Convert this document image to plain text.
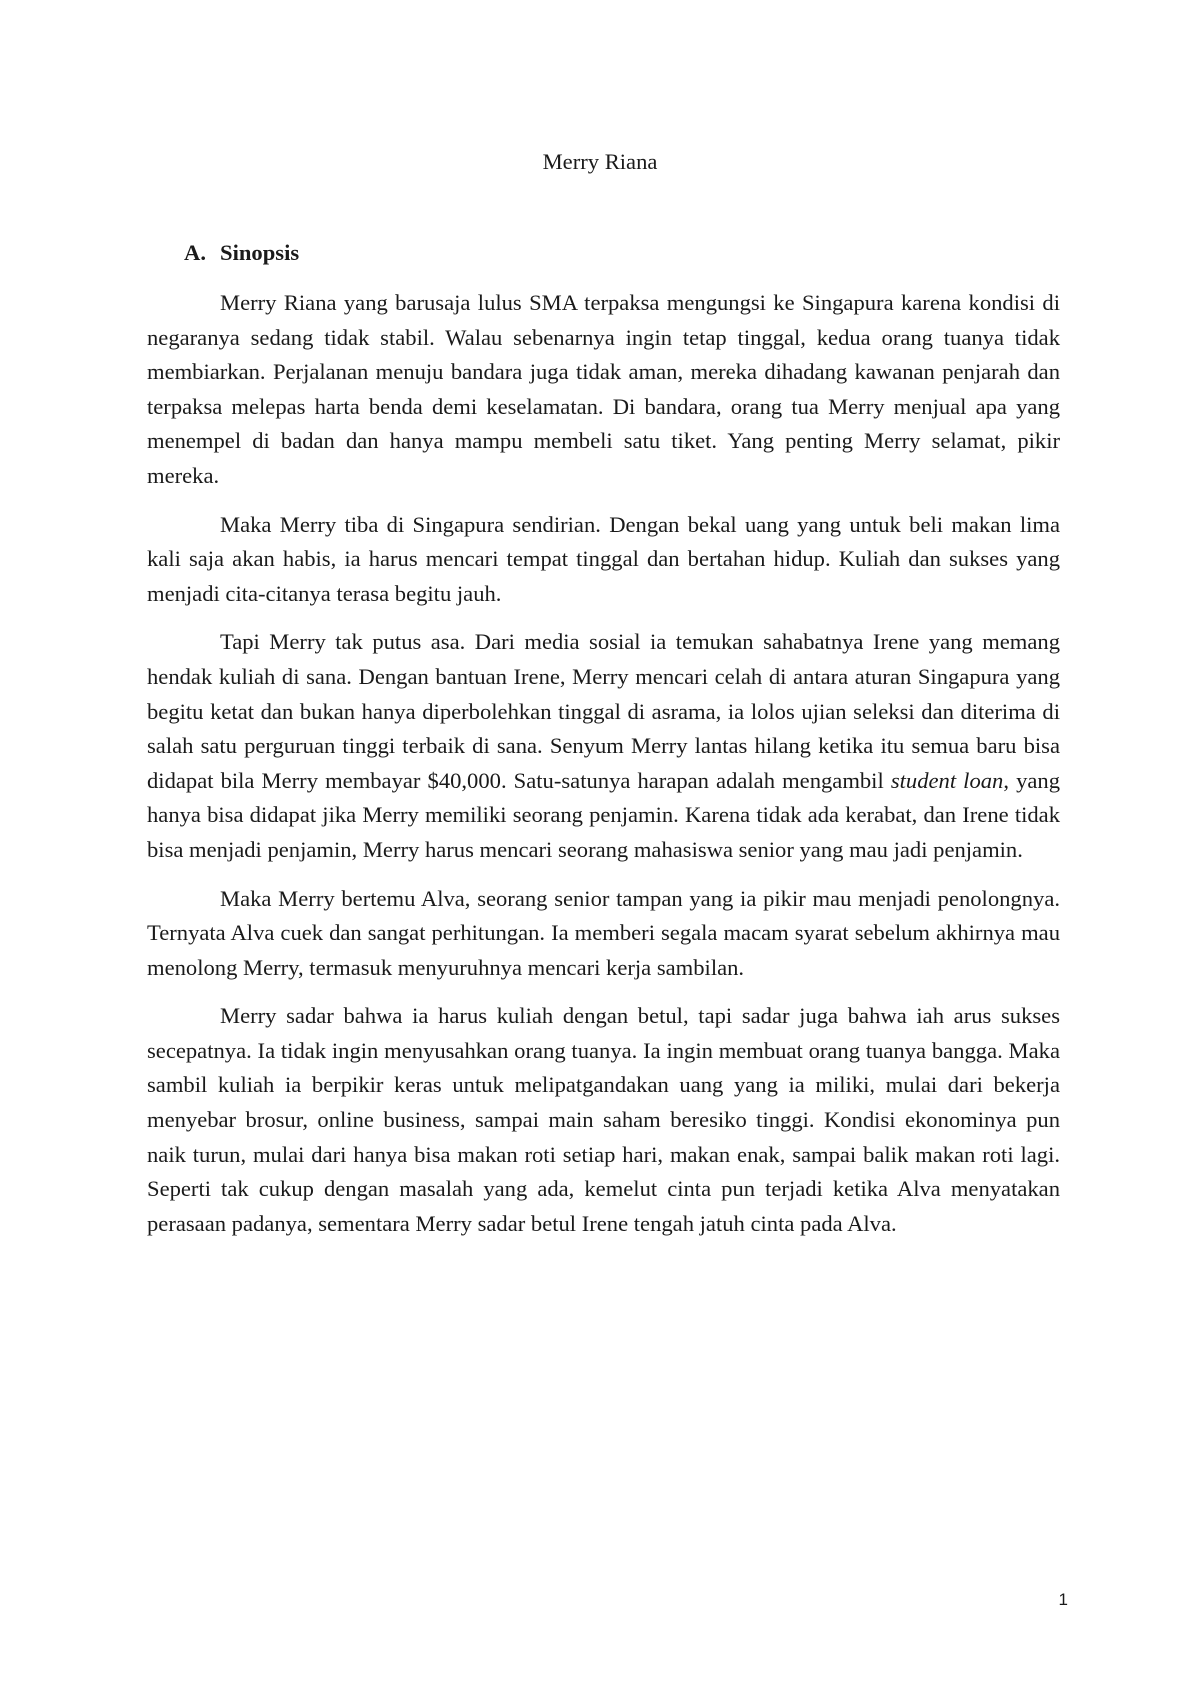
Merry Riana
A. Sinopsis

Merry Riana yang barusaja lulus SMA terpaksa mengungsi ke Singapura karena kondisi di negaranya sedang tidak stabil. Walau sebenarnya ingin tetap tinggal, kedua orang tuanya tidak membiarkan. Perjalanan menuju bandara juga tidak aman, mereka dihadang kawanan penjarah dan terpaksa melepas harta benda demi keselamatan. Di bandara, orang tua Merry menjual apa yang menempel di badan dan hanya mampu membeli satu tiket. Yang penting Merry selamat, pikir mereka.

Maka Merry tiba di Singapura sendirian. Dengan bekal uang yang untuk beli makan lima kali saja akan habis, ia harus mencari tempat tinggal dan bertahan hidup. Kuliah dan sukses yang menjadi cita-citanya terasa begitu jauh.

Tapi Merry tak putus asa. Dari media sosial ia temukan sahabatnya Irene yang memang hendak kuliah di sana. Dengan bantuan Irene, Merry mencari celah di antara aturan Singapura yang begitu ketat dan bukan hanya diperbolehkan tinggal di asrama, ia lolos ujian seleksi dan diterima di salah satu perguruan tinggi terbaik di sana. Senyum Merry lantas hilang ketika itu semua baru bisa didapat bila Merry membayar $40,000. Satu-satunya harapan adalah mengambil student loan, yang hanya bisa didapat jika Merry memiliki seorang penjamin. Karena tidak ada kerabat, dan Irene tidak bisa menjadi penjamin, Merry harus mencari seorang mahasiswa senior yang mau jadi penjamin.

Maka Merry bertemu Alva, seorang senior tampan yang ia pikir mau menjadi penolongnya. Ternyata Alva cuek dan sangat perhitungan. Ia memberi segala macam syarat sebelum akhirnya mau menolong Merry, termasuk menyuruhnya mencari kerja sambilan.

Merry sadar bahwa ia harus kuliah dengan betul, tapi sadar juga bahwa iah arus sukses secepatnya. Ia tidak ingin menyusahkan orang tuanya. Ia ingin membuat orang tuanya bangga. Maka sambil kuliah ia berpikir keras untuk melipatgandakan uang yang ia miliki, mulai dari bekerja menyebar brosur, online business, sampai main saham beresiko tinggi. Kondisi ekonominya pun naik turun, mulai dari hanya bisa makan roti setiap hari, makan enak, sampai balik makan roti lagi. Seperti tak cukup dengan masalah yang ada, kemelut cinta pun terjadi ketika Alva menyatakan perasaan padanya, sementara Merry sadar betul Irene tengah jatuh cinta pada Alva.

1
